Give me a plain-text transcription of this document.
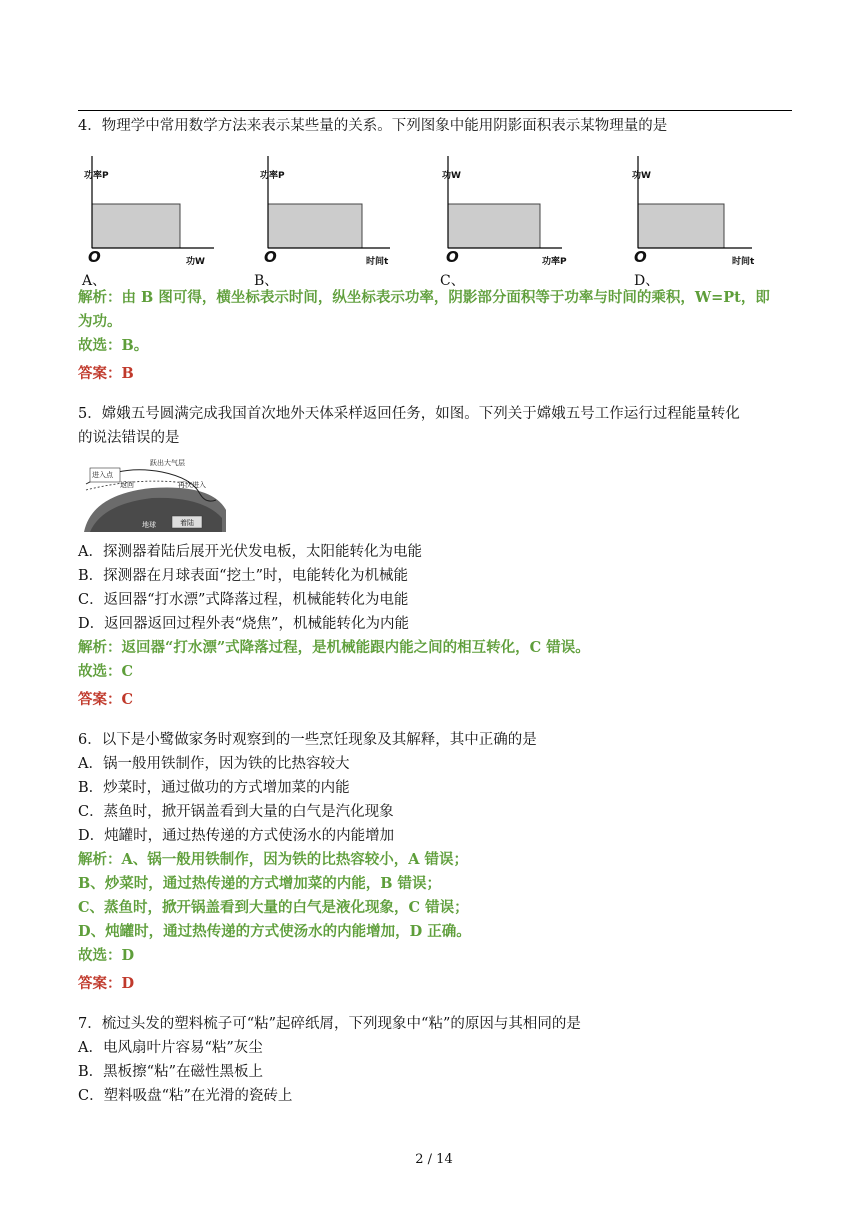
4．物理学中常用数学方法来表示某些量的关系。下列图象中能用阴影面积表示某物理量的是
功率P
功W
O
A、
功率P
时间t
O
B、
功W
功率P
O
C、
功W
时间t
O
D、
解析：由 B 图可得，横坐标表示时间，纵坐标表示功率，阴影部分面积等于功率与时间的乘积，W=Pt，即
为功。
故选：B。
答案：B
5．嫦娥五号圆满完成我国首次地外天体采样返回任务，如图。下列关于嫦娥五号工作运行过程能量转化
的说法错误的是
进入点
跃出大气层
返回	再次进入
地球	着陆
A．探测器着陆后展开光伏发电板，太阳能转化为电能
B．探测器在月球表面“挖土”时，电能转化为机械能
C．返回器“打水漂”式降落过程，机械能转化为电能
D．返回器返回过程外表“烧焦”，机械能转化为内能
解析：返回器“打水漂”式降落过程，是机械能跟内能之间的相互转化，C 错误。
故选：C
答案：C
6．以下是小鹭做家务时观察到的一些烹饪现象及其解释，其中正确的是
A．锅一般用铁制作，因为铁的比热容较大
B．炒菜时，通过做功的方式增加菜的内能
C．蒸鱼时，掀开锅盖看到大量的白气是汽化现象
D．炖罐时，通过热传递的方式使汤水的内能增加
解析：A、锅一般用铁制作，因为铁的比热容较小，A 错误；
B、炒菜时，通过热传递的方式增加菜的内能，B 错误；
C、蒸鱼时，掀开锅盖看到大量的白气是液化现象，C 错误；
D、炖罐时，通过热传递的方式使汤水的内能增加，D 正确。
故选：D
答案：D
7．梳过头发的塑料梳子可“粘”起碎纸屑，下列现象中“粘”的原因与其相同的是
A．电风扇叶片容易“粘”灰尘
B．黑板擦“粘”在磁性黑板上
C．塑料吸盘“粘”在光滑的瓷砖上
2 / 14
